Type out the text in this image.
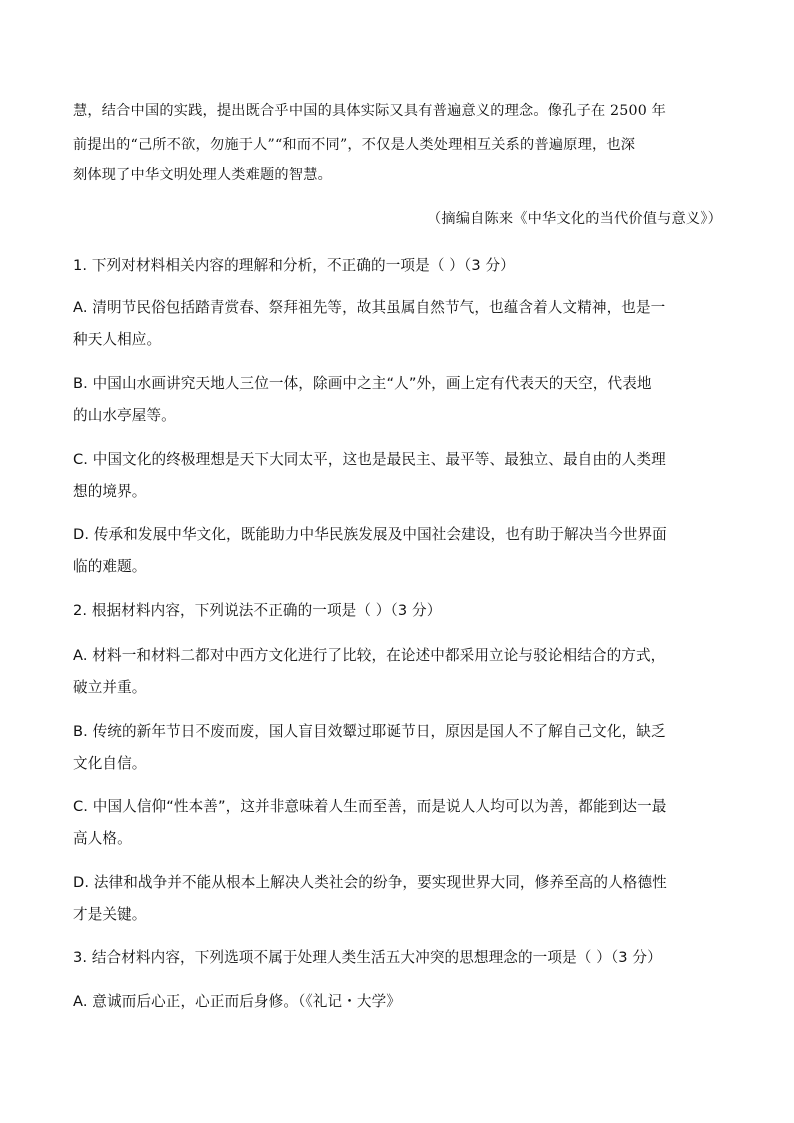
慧，结合中国的实践，提出既合乎中国的具体实际又具有普遍意义的理念。像孔子在 2500 年
前提出的“己所不欲，勿施于人”“和而不同”，不仅是人类处理相互关系的普遍原理，也深
刻体现了中华文明处理人类难题的智慧。
（摘编自陈来《中华文化的当代价值与意义》）
1. 下列对材料相关内容的理解和分析，不正确的一项是（ ）（3 分）
A. 清明节民俗包括踏青赏春、祭拜祖先等，故其虽属自然节气，也蕴含着人文精神，也是一
种天人相应。
B. 中国山水画讲究天地人三位一体，除画中之主“人”外，画上定有代表天的天空，代表地
的山水亭屋等。
C. 中国文化的终极理想是天下大同太平，这也是最民主、最平等、最独立、最自由的人类理
想的境界。
D. 传承和发展中华文化，既能助力中华民族发展及中国社会建设，也有助于解决当今世界面
临的难题。
2. 根据材料内容，下列说法不正确的一项是（ ）（3 分）
A. 材料一和材料二都对中西方文化进行了比较，在论述中都采用立论与驳论相结合的方式，
破立并重。
B. 传统的新年节日不废而废，国人盲目效颦过耶诞节日，原因是国人不了解自己文化，缺乏
文化自信。
C. 中国人信仰“性本善”，这并非意味着人生而至善，而是说人人均可以为善，都能到达一最
高人格。
D. 法律和战争并不能从根本上解决人类社会的纷争，要实现世界大同，修养至高的人格德性
才是关键。
3. 结合材料内容，下列选项不属于处理人类生活五大冲突的思想理念的一项是（ ）（3 分）
A. 意诚而后心正，心正而后身修。（《礼记・大学》
